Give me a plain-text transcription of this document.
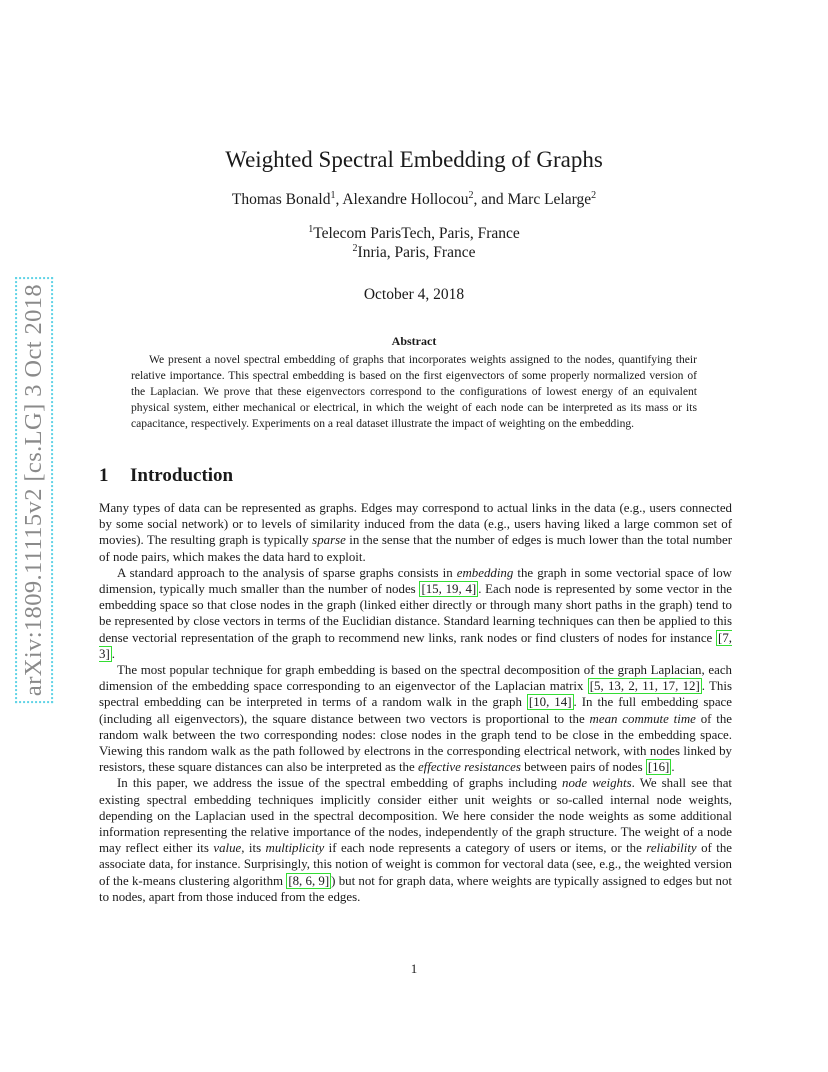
arXiv:1809.11115v2 [cs.LG] 3 Oct 2018
Weighted Spectral Embedding of Graphs
Thomas Bonald$^1$, Alexandre Hollocou$^2$, and Marc Lelarge$^2$
$^1$Telecom ParisTech, Paris, France
$^2$Inria, Paris, France
October 4, 2018
Abstract
We present a novel spectral embedding of graphs that incorporates weights assigned to the nodes, quantifying their relative importance. This spectral embedding is based on the first eigenvectors of some properly normalized version of the Laplacian. We prove that these eigenvectors correspond to the configurations of lowest energy of an equivalent physical system, either mechanical or electrical, in which the weight of each node can be interpreted as its mass or its capacitance, respectively. Experiments on a real dataset illustrate the impact of weighting on the embedding.
1 Introduction

Many types of data can be represented as graphs. Edges may correspond to actual links in the data (e.g., users connected by some social network) or to levels of similarity induced from the data (e.g., users having liked a large common set of movies). The resulting graph is typically sparse in the sense that the number of edges is much lower than the total number of node pairs, which makes the data hard to exploit.

A standard approach to the analysis of sparse graphs consists in embedding the graph in some vectorial space of low dimension, typically much smaller than the number of nodes [15, 19, 4] . Each node is represented by some vector in the embedding space so that close nodes in the graph (linked either directly or through many short paths in the graph) tend to be represented by close vectors in terms of the Euclidian distance. Standard learning techniques can then be applied to this dense vectorial representation of the graph to recommend new links, rank nodes or find clusters of nodes for instance [7, 3] .

The most popular technique for graph embedding is based on the spectral decomposition of the graph Laplacian, each dimension of the embedding space corresponding to an eigenvector of the Laplacian matrix [5, 13, 2, 11, 17, 12] . This spectral embedding can be interpreted in terms of a random walk in the graph [10, 14] . In the full embedding space (including all eigenvectors), the square distance between two vectors is proportional to the mean commute time of the random walk between the two corresponding nodes: close nodes in the graph tend to be close in the embedding space. Viewing this random walk as the path followed by electrons in the corresponding electrical network, with nodes linked by resistors, these square distances can also be interpreted as the effective resistances between pairs of nodes [16] .

In this paper, we address the issue of the spectral embedding of graphs including node weights. We shall see that existing spectral embedding techniques implicitly consider either unit weights or so-called internal node weights, depending on the Laplacian used in the spectral decomposition. We here consider the node weights as some additional information representing the relative importance of the nodes, independently of the graph structure. The weight of a node may reflect either its value, its multiplicity if each node represents a category of users or items, or the reliability of the associate data, for instance. Surprisingly, this notion of weight is common for vectoral data (see, e.g., the weighted version of the k-means clustering algorithm [8, 6, 9] ) but not for graph data, where weights are typically assigned to edges but not to nodes, apart from those induced from the edges.

1
